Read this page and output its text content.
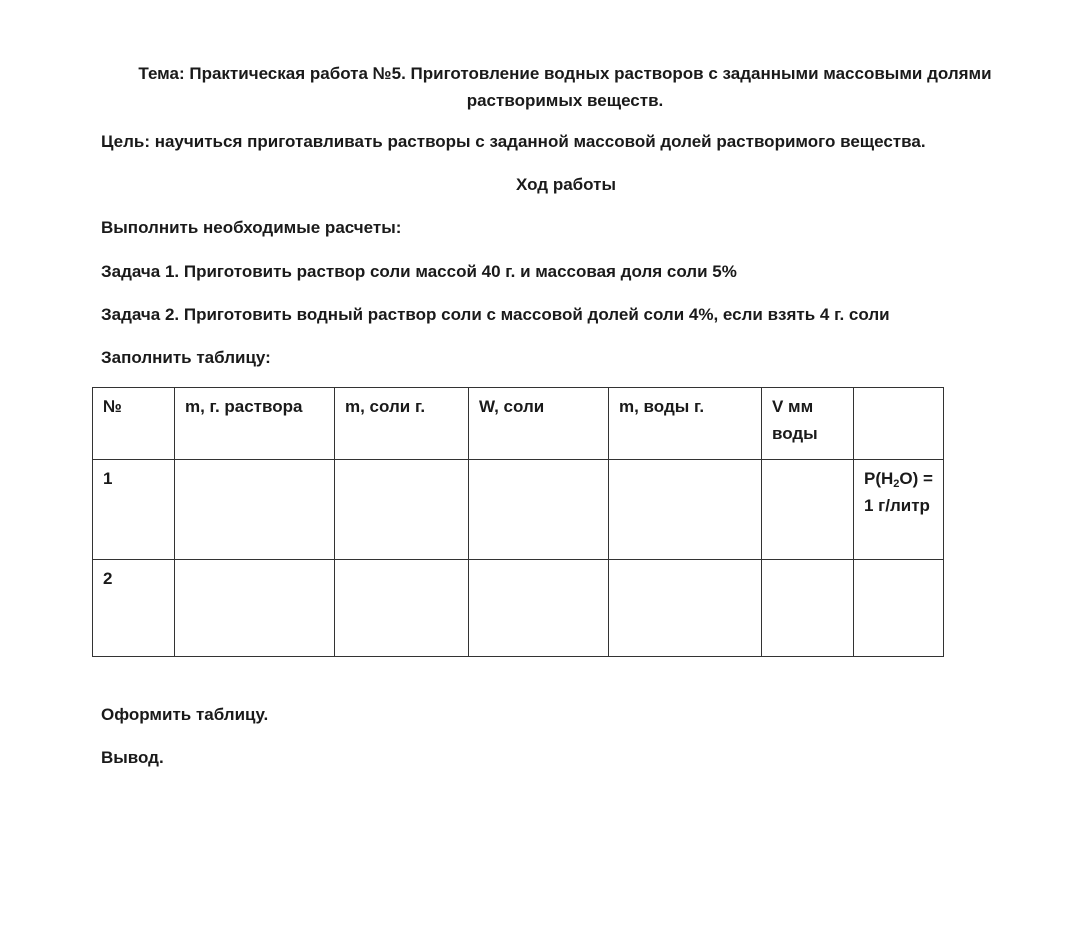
Тема: Практическая работа №5. Приготовление водных растворов с заданными массовыми долями
растворимых веществ.
Цель: научиться приготавливать растворы с заданной массовой долей растворимого вещества.
Ход работы
Выполнить необходимые расчеты:
Задача 1. Приготовить раствор соли массой 40 г. и массовая доля соли 5%
Задача 2. Приготовить водный раствор соли с массовой долей соли 4%, если взять 4 г. соли
Заполнить таблицу:
№	m, г. раствора	m, соли г.	W, соли	m, воды г.	V мм воды	
1						$P(H_2O) = 1$ г/литр
2						
Оформить таблицу.
Вывод.
